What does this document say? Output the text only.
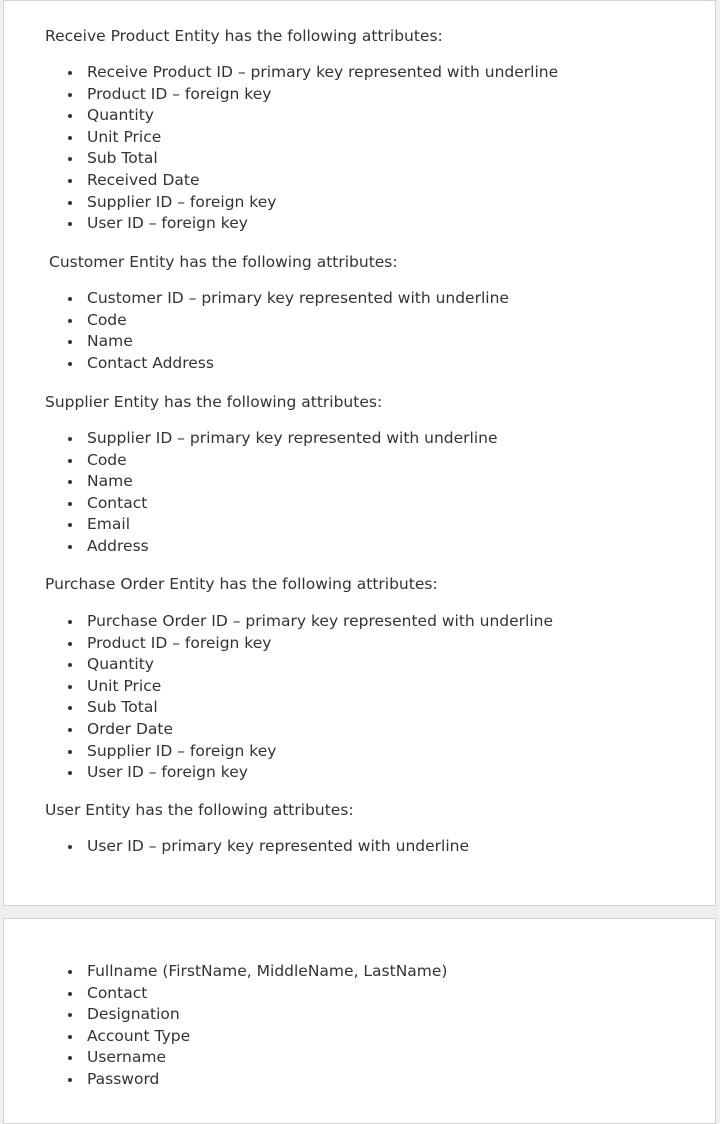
Receive Product Entity has the following attributes:
Receive Product ID – primary key represented with underline
Product ID – foreign key
Quantity
Unit Price
Sub Total
Received Date
Supplier ID – foreign key
User ID – foreign key
Customer Entity has the following attributes:
Customer ID – primary key represented with underline
Code
Name
Contact Address
Supplier Entity has the following attributes:
Supplier ID – primary key represented with underline
Code
Name
Contact
Email
Address
Purchase Order Entity has the following attributes:
Purchase Order ID – primary key represented with underline
Product ID – foreign key
Quantity
Unit Price
Sub Total
Order Date
Supplier ID – foreign key
User ID – foreign key
User Entity has the following attributes:
User ID – primary key represented with underline
Fullname (FirstName, MiddleName, LastName)
Contact
Designation
Account Type
Username
Password
